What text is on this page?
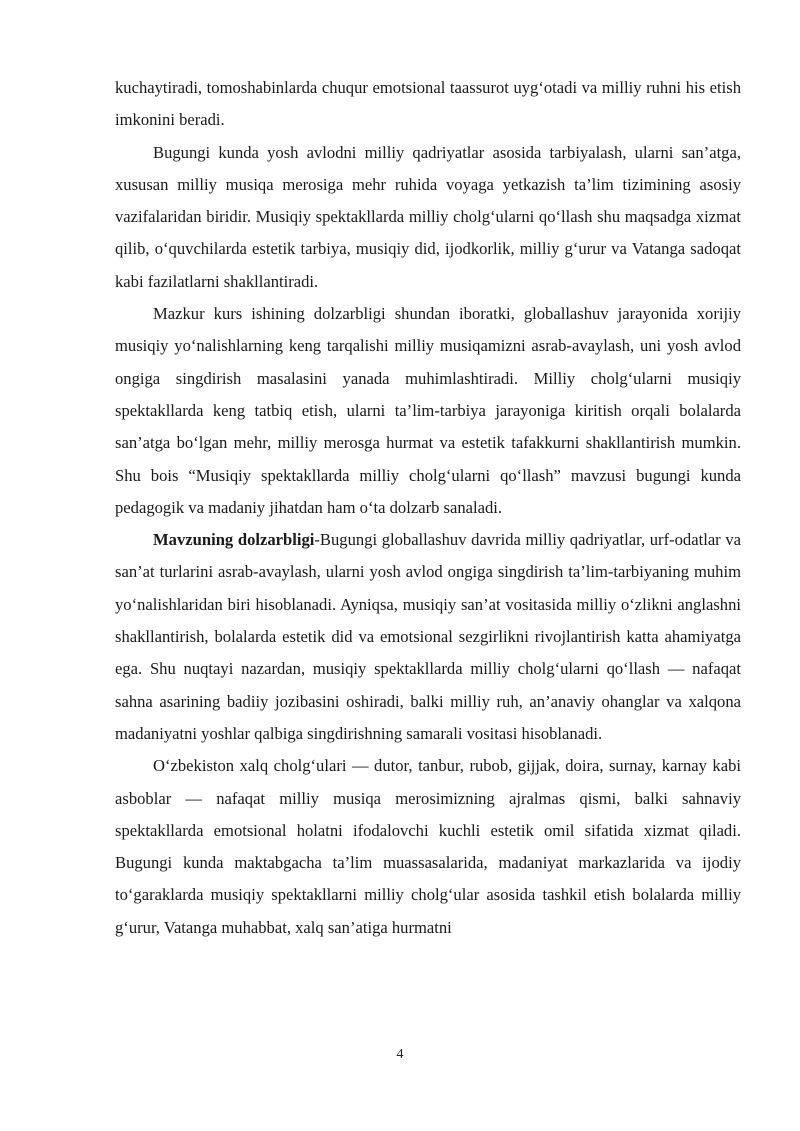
kuchaytiradi, tomoshabinlarda chuqur emotsional taassurot uyg‘otadi va milliy ruhni his etish imkonini beradi.

Bugungi kunda yosh avlodni milliy qadriyatlar asosida tarbiyalash, ularni san’atga, xususan milliy musiqa merosiga mehr ruhida voyaga yetkazish ta’lim tizimining asosiy vazifalaridan biridir. Musiqiy spektakllarda milliy cholg‘ularni qo‘llash shu maqsadga xizmat qilib, o‘quvchilarda estetik tarbiya, musiqiy did, ijodkorlik, milliy g‘urur va Vatanga sadoqat kabi fazilatlarni shakllantiradi.

Mazkur kurs ishining dolzarbligi shundan iboratki, globallashuv jarayonida xorijiy musiqiy yo‘nalishlarning keng tarqalishi milliy musiqamizni asrab-avaylash, uni yosh avlod ongiga singdirish masalasini yanada muhimlashtiradi. Milliy cholg‘ularni musiqiy spektakllarda keng tatbiq etish, ularni ta’lim-tarbiya jarayoniga kiritish orqali bolalarda san’atga bo‘lgan mehr, milliy merosga hurmat va estetik tafakkurni shakllantirish mumkin. Shu bois “Musiqiy spektakllarda milliy cholg‘ularni qo‘llash” mavzusi bugungi kunda pedagogik va madaniy jihatdan ham o‘ta dolzarb sanaladi.

Mavzuning dolzarbligi-Bugungi globallashuv davrida milliy qadriyatlar, urf-odatlar va san’at turlarini asrab-avaylash, ularni yosh avlod ongiga singdirish ta’lim-tarbiyaning muhim yo‘nalishlaridan biri hisoblanadi. Ayniqsa, musiqiy san’at vositasida milliy o‘zlikni anglashni shakllantirish, bolalarda estetik did va emotsional sezgirlikni rivojlantirish katta ahamiyatga ega. Shu nuqtayi nazardan, musiqiy spektakllarda milliy cholg‘ularni qo‘llash — nafaqat sahna asarining badiiy jozibasini oshiradi, balki milliy ruh, an’anaviy ohanglar va xalqona madaniyatni yoshlar qalbiga singdirishning samarali vositasi hisoblanadi.

O‘zbekiston xalq cholg‘ulari — dutor, tanbur, rubob, gijjak, doira, surnay, karnay kabi asboblar — nafaqat milliy musiqa merosimizning ajralmas qismi, balki sahnaviy spektakllarda emotsional holatni ifodalovchi kuchli estetik omil sifatida xizmat qiladi. Bugungi kunda maktabgacha ta’lim muassasalarida, madaniyat markazlarida va ijodiy to‘garaklarda musiqiy spektakllarni milliy cholg‘ular asosida tashkil etish bolalarda milliy g‘urur, Vatanga muhabbat, xalq san’atiga hurmatni

4
